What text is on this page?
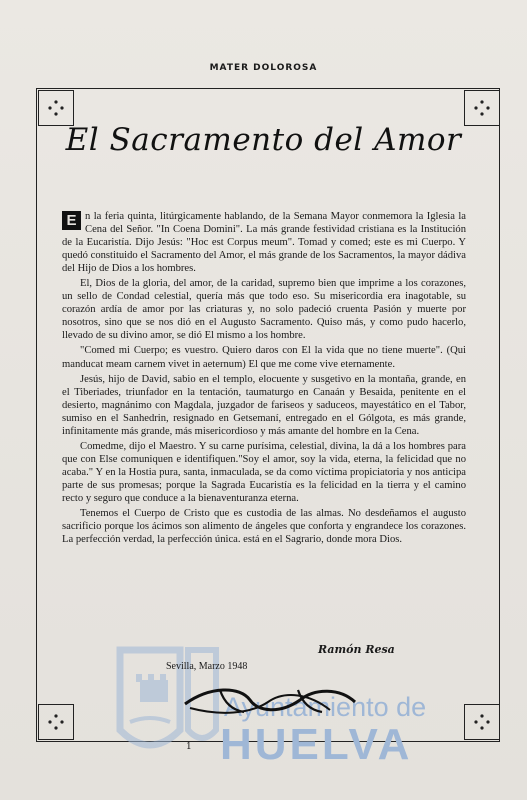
MATER DOLOROSA
El Sacramento del Amor
Ayuntamiento de
HUELVA

E n la feria quinta, litúrgicamente hablando, de la Semana Mayor conmemora la Iglesia la Cena del Señor. "In Coena Domini". La más grande festividad cristiana es la Institución de la Eucaristía. Dijo Jesús: "Hoc est Corpus meum". Tomad y comed; este es mi Cuerpo. Y quedó constituido el Sacramento del Amor, el más grande de los Sacramentos, la mayor dádiva del Hijo de Dios a los hombres.

El, Dios de la gloria, del amor, de la caridad, supremo bien que imprime a los corazones, un sello de Condad celestial, quería más que todo eso. Su misericordia era inagotable, su corazón ardía de amor por las criaturas y, no solo padeció cruenta Pasión y muerte por nosotros, sino que se nos dió en el Augusto Sacramento. Quiso más, y como pudo hacerlo, llevado de su divino amor, se dió El mismo a los hombre.

"Comed mi Cuerpo; es vuestro. Quiero daros con El la vida que no tiene muerte". (Qui manducat meam carnem vivet in aeternum) El que me come vive eternamente.

Jesús, hijo de David, sabio en el templo, elocuente y susgetivo en la montaña, grande, en el Tiberiades, triunfador en la tentación, taumaturgo en Canaán y Besaida, penitente en el desierto, magnánimo con Magdala, juzgador de fariseos y saduceos, mayestático en el Tabor, sumiso en el Sanhedrin, resignado en Getsemaní, entregado en el Gólgota, es más grande, infinitamente más grande, más misericordioso y más amante del hombre en la Cena.

Comedme, dijo el Maestro. Y su carne purísima, celestial, divina, la dá a los hombres para que con Else comuniquen e identifiquen."Soy el amor, soy la vida, eterna, la felicidad que no acaba." Y en la Hostia pura, santa, inmaculada, se da como víctima propiciatoria y nos anticipa parte de sus promesas; porque la Sagrada Eucaristía es la felicidad en la tierra y el camino recto y seguro que conduce a la bienaventuranza eterna.

Tenemos el Cuerpo de Cristo que es custodia de las almas. No desdeñamos el augusto sacrificio porque los ácimos son alimento de ángeles que conforta y engrandece los corazones. La perfección verdad, la perfección única. está en el Sagrario, donde mora Dios.

Ramón Resa
Sevilla, Marzo 1948
1
